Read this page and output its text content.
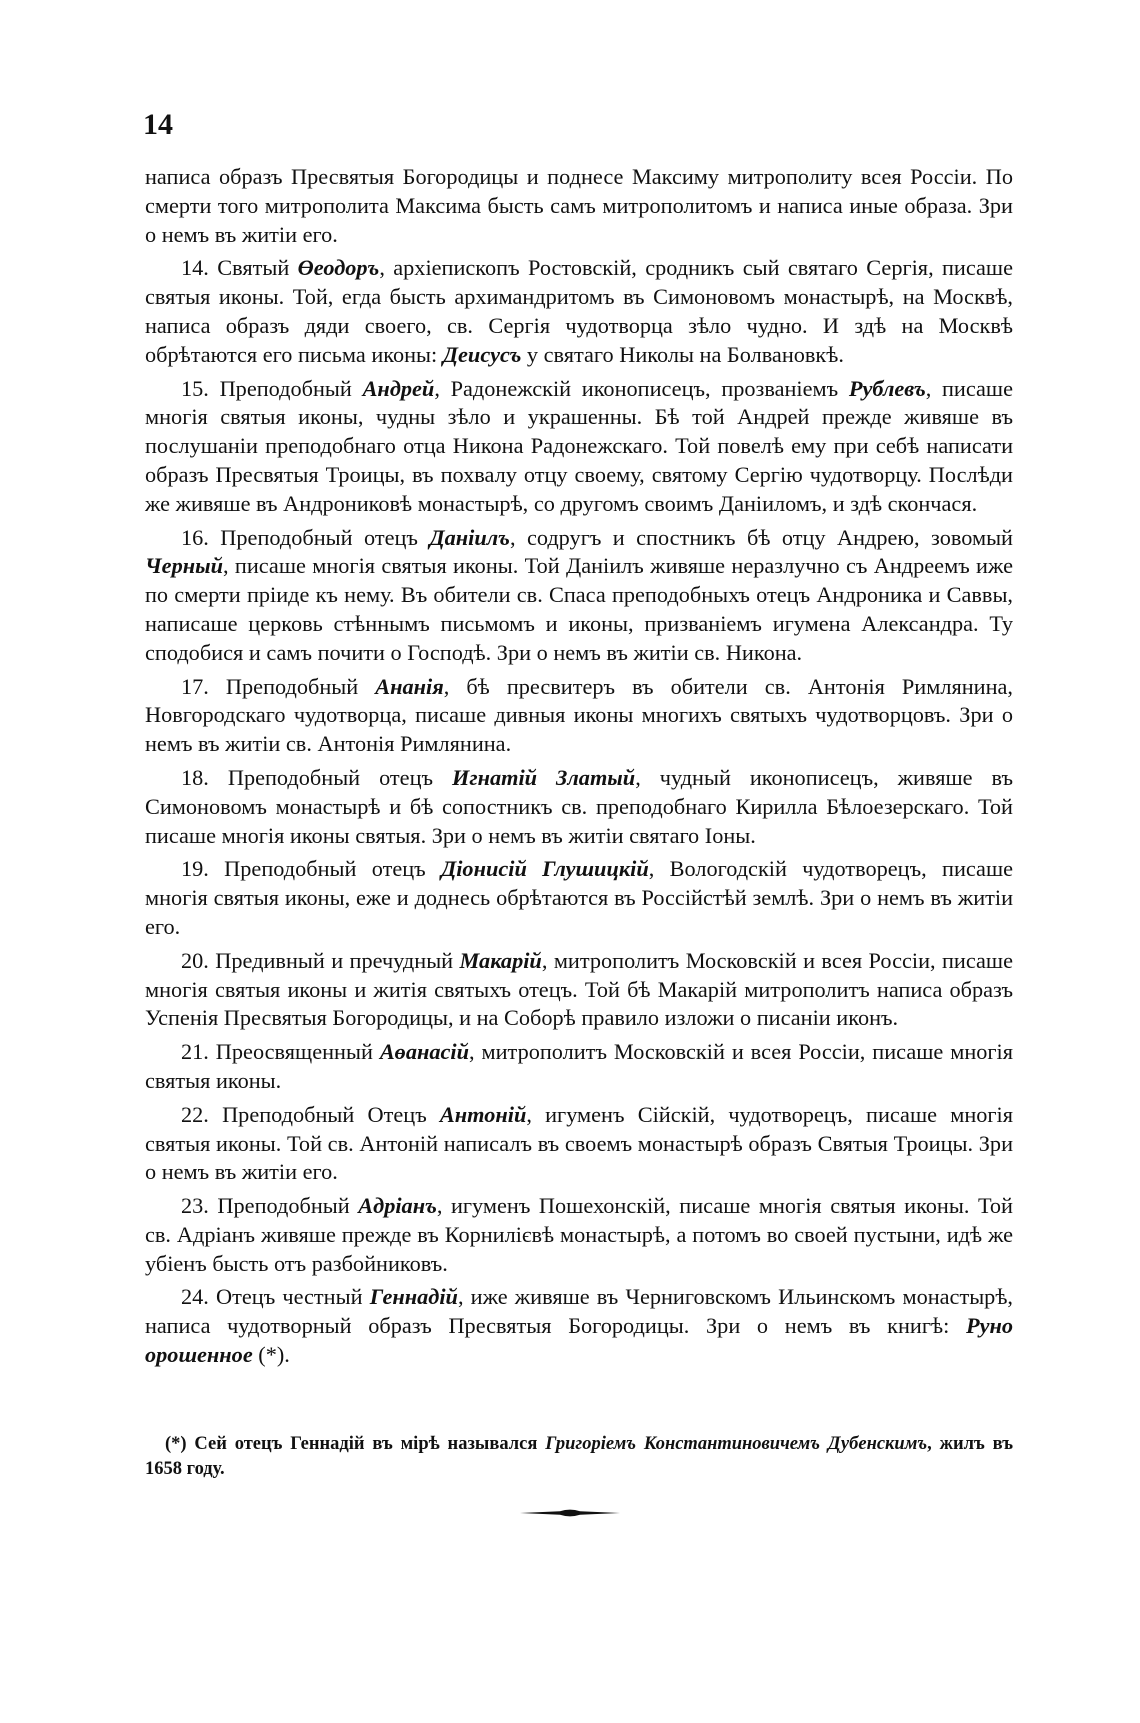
14

написа образъ Пресвятыя Богородицы и поднесе Максиму митрополиту всея Россіи. По смерти того митрополита Максима бысть самъ митрополитомъ и написа иные образа. Зри о немъ въ житіи его.

14. Святый Өеодоръ, архіепископъ Ростовскій, сродникъ сый святаго Сергія, писаше святыя иконы. Той, егда бысть архимандритомъ въ Симоновомъ монастырѣ, на Москвѣ, написа образъ дяди своего, св. Сергія чудотворца зѣло чудно. И здѣ на Москвѣ обрѣтаются его письма иконы: Деисусъ у святаго Николы на Болвановкѣ.

15. Преподобный Андрей, Радонежскій иконописецъ, прозваніемъ Рублевъ, писаше многія святыя иконы, чудны зѣло и украшенны. Бѣ той Андрей прежде живяше въ послушаніи преподобнаго отца Никона Радонежскаго. Той повелѣ ему при себѣ написати образъ Пресвятыя Троицы, въ похвалу отцу своему, святому Сергію чудотворцу. Послѣди же живяше въ Андрониковѣ монастырѣ, со другомъ своимъ Даніиломъ, и здѣ скончася.

16. Преподобный отецъ Даніилъ, содругъ и спостникъ бѣ отцу Андрею, зовомый Черный, писаше многія святыя иконы. Той Даніилъ живяше неразлучно съ Андреемъ иже по смерти пріиде къ нему. Въ обители св. Спаса преподобныхъ отецъ Андроника и Саввы, написаше церковь стѣннымъ письмомъ и иконы, призваніемъ игумена Александра. Ту сподобися и самъ почити о Господѣ. Зри о немъ въ житіи св. Никона.

17. Преподобный Ананія, бѣ пресвитеръ въ обители св. Антонія Римлянина, Новгородскаго чудотворца, писаше дивныя иконы многихъ святыхъ чудотворцовъ. Зри о немъ въ житіи св. Антонія Римлянина.

18. Преподобный отецъ Игнатій Златый, чудный иконописецъ, живяше въ Симоновомъ монастырѣ и бѣ сопостникъ св. преподобнаго Кирилла Бѣлоезерскаго. Той писаше многія иконы святыя. Зри о немъ въ житіи святаго Іоны.

19. Преподобный отецъ Діонисій Глушицкій, Вологодскій чудотворецъ, писаше многія святыя иконы, еже и доднесь обрѣтаются въ Россійстѣй землѣ. Зри о немъ въ житіи его.

20. Предивный и пречудный Макарій, митрополитъ Московскій и всея Россіи, писаше многія святыя иконы и житія святыхъ отецъ. Той бѣ Макарій митрополитъ написа образъ Успенія Пресвятыя Богородицы, и на Соборѣ правило изложи о писаніи иконъ.

21. Преосвященный Аөанасій, митрополитъ Московскій и всея Россіи, писаше многія святыя иконы.

22. Преподобный Отецъ Антоній, игуменъ Сійскій, чудотворецъ, писаше многія святыя иконы. Той св. Антоній написалъ въ своемъ монастырѣ образъ Святыя Троицы. Зри о немъ въ житіи его.

23. Преподобный Адріанъ, игуменъ Пошехонскій, писаше многія святыя иконы. Той св. Адріанъ живяше прежде въ Корнилієвѣ монастырѣ, а потомъ во своей пустыни, идѣ же убіенъ бысть отъ разбойниковъ.

24. Отецъ честный Геннадій, иже живяше въ Черниговскомъ Ильинскомъ монастырѣ, написа чудотворный образъ Пресвятыя Богородицы. Зри о немъ въ книгѣ: Руно орошенное (*).

(*) Сей отецъ Геннадій въ мірѣ назывался Григоріемъ Константиновичемъ Дубенскимъ, жилъ въ 1658 году.
